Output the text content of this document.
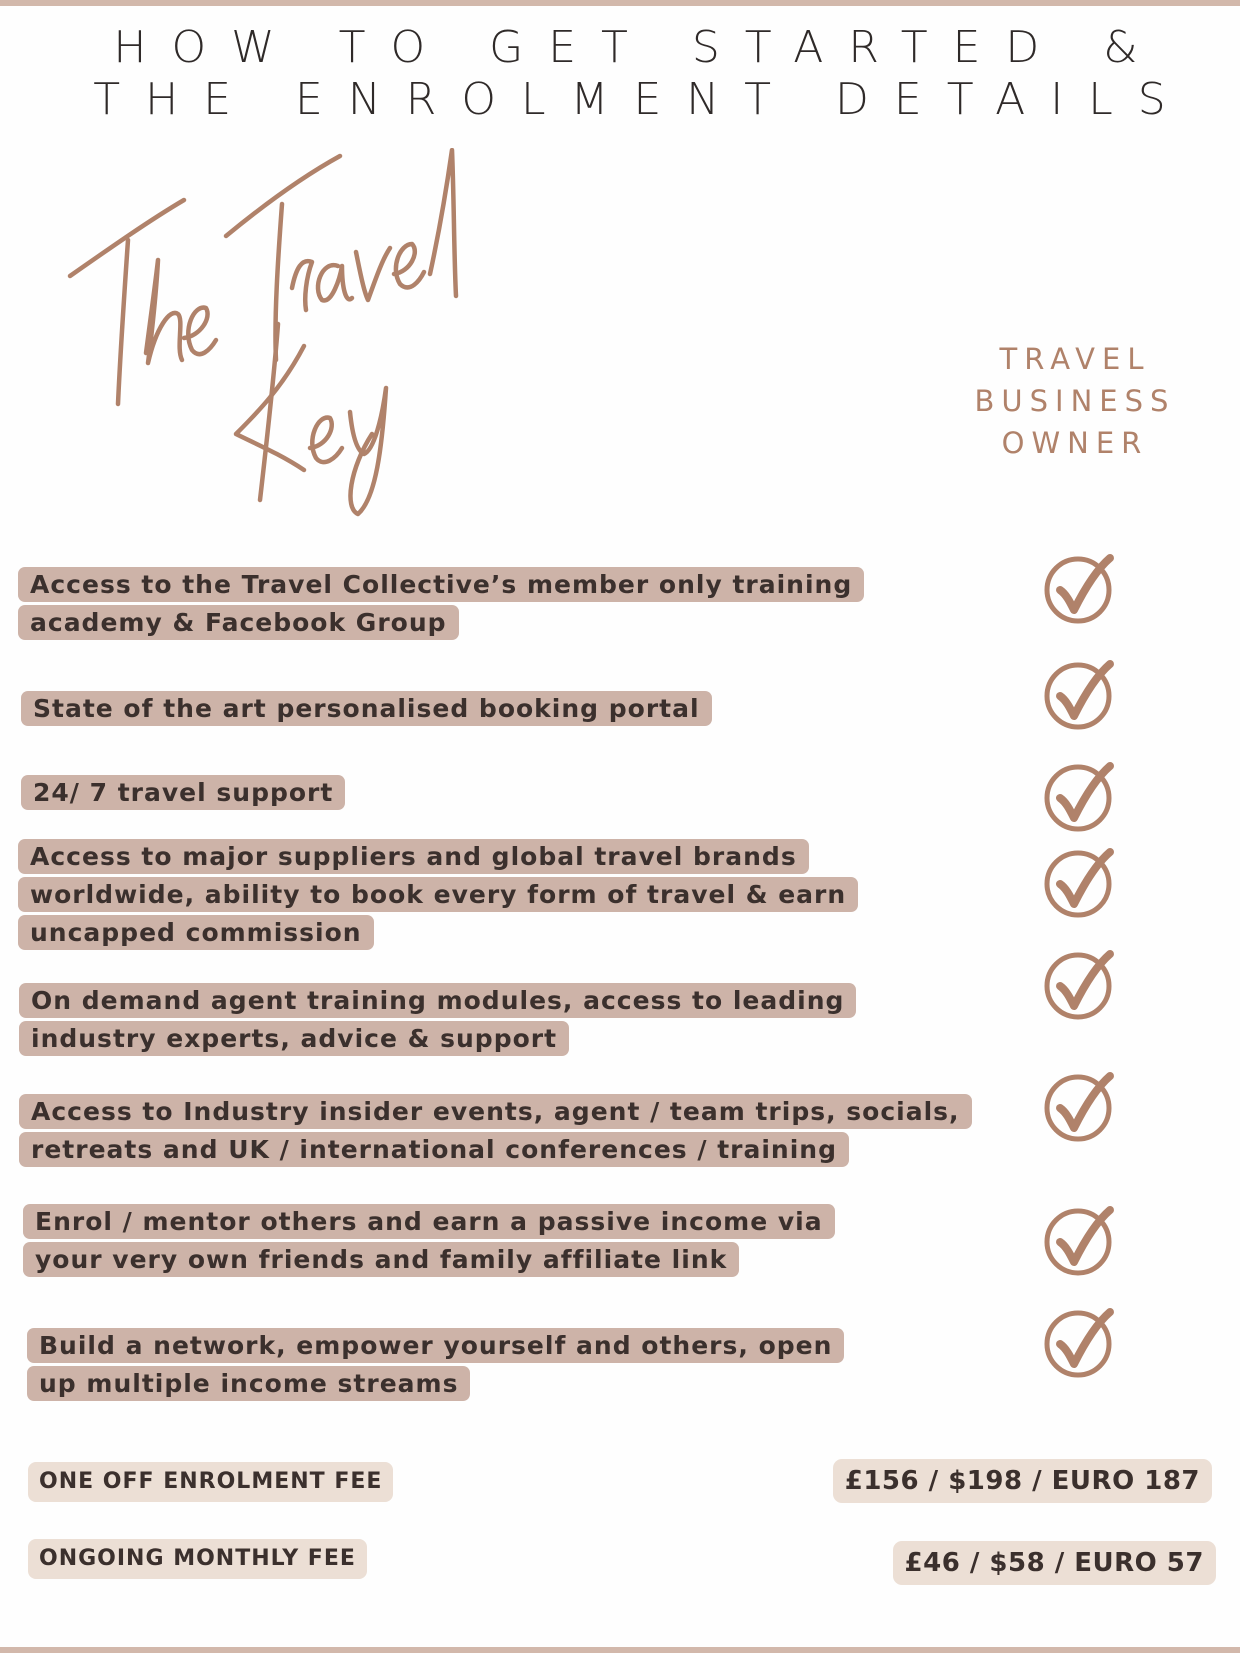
HOW TO GET STARTED &
THE ENROLMENT DETAILS
TRAVEL
BUSINESS
OWNER
Access to the Travel Collective’s member only training academy & Facebook Group
State of the art personalised booking portal
24/ 7 travel support
Access to major suppliers and global travel brands worldwide, ability to book every form of travel & earn uncapped commission
On demand agent training modules, access to leading industry experts, advice & support
Access to Industry insider events, agent / team trips, socials, retreats and UK / international conferences / training
Enrol / mentor others and earn a passive income via your very own friends and family affiliate link
Build a network, empower yourself and others, open up multiple income streams
ONE OFF ENROLMENT FEE	£156 / $198 / EURO 187
ONGOING MONTHLY FEE	£46 / $58 / EURO 57
